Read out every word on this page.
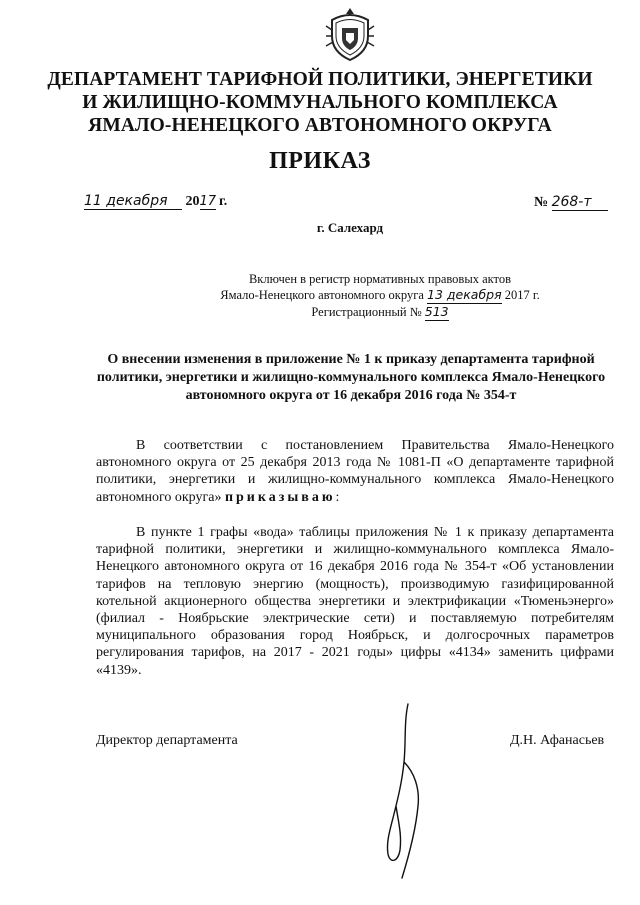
ДЕПАРТАМЕНТ ТАРИФНОЙ ПОЛИТИКИ, ЭНЕРГЕТИКИ
И ЖИЛИЩНО-КОММУНАЛЬНОГО КОМПЛЕКСА
ЯМАЛО-НЕНЕЦКОГО АВТОНОМНОГО ОКРУГА
ПРИКАЗ
11 декабря 2017 г.	№ 268-т
г. Салехард
Включен в регистр нормативных правовых актов
Ямало-Ненецкого автономного округа 13 декабря 2017 г.
Регистрационный № 513
О внесении изменения в приложение № 1 к приказу департамента тарифной политики, энергетики и жилищно-коммунального комплекса Ямало-Ненецкого автономного округа от 16 декабря 2016 года № 354-т
В соответствии с постановлением Правительства Ямало-Ненецкого автономного округа от 25 декабря 2013 года № 1081-П «О департаменте тарифной политики, энергетики и жилищно-коммунального комплекса Ямало-Ненецкого автономного округа» приказываю:
В пункте 1 графы «вода» таблицы приложения № 1 к приказу департамента тарифной политики, энергетики и жилищно-коммунального комплекса Ямало-Ненецкого автономного округа от 16 декабря 2016 года № 354-т «Об установлении тарифов на тепловую энергию (мощность), производимую газифицированной котельной акционерного общества энергетики и электрификации «Тюменьэнерго» (филиал - Ноябрьские электрические сети) и поставляемую потребителям муниципального образования город Ноябрьск, и долгосрочных параметров регулирования тарифов, на 2017 - 2021 годы» цифры «4134» заменить цифрами «4139».
Директор департамента	Д.Н. Афанасьев
